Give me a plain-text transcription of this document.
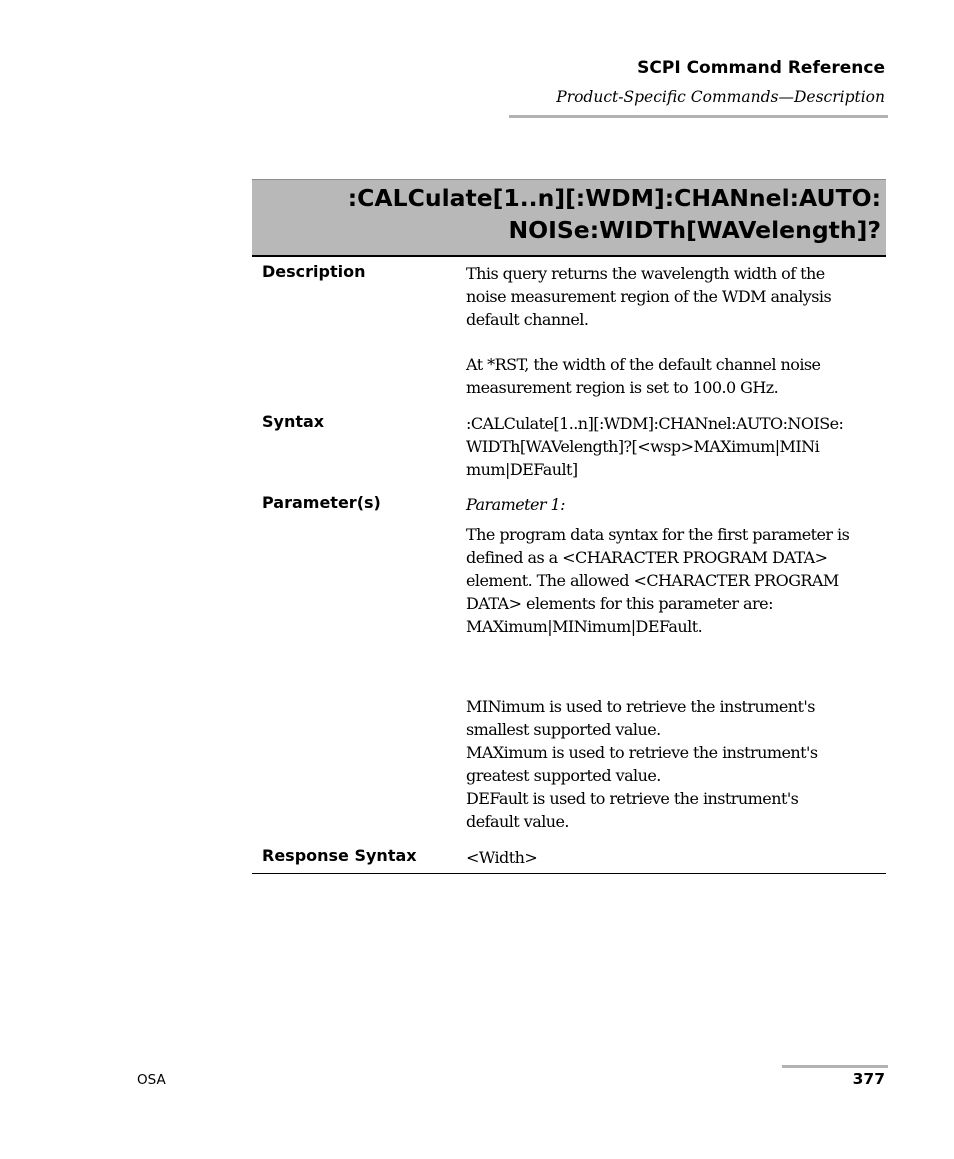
SCPI Command Reference
Product-Specific Commands—Description
:CALCulate[1..n][:WDM]:CHANnel:AUTO:
NOISe:WIDTh[WAVelength]?
Description	This query returns the wavelength width of the
noise measurement region of the WDM analysis
default channel.
At *RST, the width of the default channel noise
measurement region is set to 100.0 GHz.
Syntax	:CALCulate[1..n][:WDM]:CHANnel:AUTO:NOISe:
WIDTh[WAVelength]?[<wsp>MAXimum|MINi
mum|DEFault]
Parameter(s)	Parameter 1:
The program data syntax for the first parameter is
defined as a <CHARACTER PROGRAM DATA>
element. The allowed <CHARACTER PROGRAM
DATA> elements for this parameter are:
MAXimum|MINimum|DEFault.
MINimum is used to retrieve the instrument's
smallest supported value.
MAXimum is used to retrieve the instrument's
greatest supported value.
DEFault is used to retrieve the instrument's
default value.
Response Syntax	<Width>
OSA	377
